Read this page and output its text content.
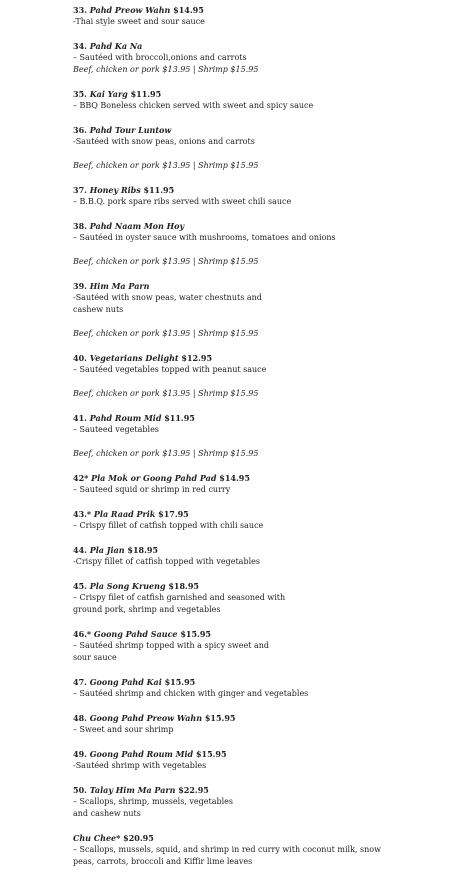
33. Pahd Preow Wahn $14.95
-Thai style sweet and sour sauce
34. Pahd Ka Na
– Sautéed with broccoli,onions and carrots
Beef, chicken or pork $13.95 | Shrimp $15.95
35. Kai Yarg $11.95
– BBQ Boneless chicken served with sweet and spicy sauce
36. Pahd Tour Luntow
-Sautéed with snow peas, onions and carrots
Beef, chicken or pork $13.95 | Shrimp $15.95
37. Honey Ribs $11.95
– B.B.Q. pork spare ribs served with sweet chili sauce
38. Pahd Naam Mon Hoy
– Sautéed in oyster sauce with mushrooms, tomatoes and onions
Beef, chicken or pork $13.95 | Shrimp $15.95
39. Him Ma Parn
-Sautéed with snow peas, water chestnuts and
cashew nuts
Beef, chicken or pork $13.95 | Shrimp $15.95
40. Vegetarians Delight $12.95
– Sautéed vegetables topped with peanut sauce
Beef, chicken or pork $13.95 | Shrimp $15.95
41. Pahd Roum Mid $11.95
– Sauteed vegetables
Beef, chicken or pork $13.95 | Shrimp $15.95
42* Pla Mok or Goong Pahd Pad $14.95
– Sauteed squid or shrimp in red curry
43.* Pla Raad Prik $17.95
– Crispy fillet of catfish topped with chili sauce
44. Pla Jian $18.95
-Crispy fillet of catfish topped with vegetables
45. Pla Song Krueng $18.95
– Crispy filet of catfish garnished and seasoned with
ground pork, shrimp and vegetables
46.* Goong Pahd Sauce $15.95
– Sautéed shrimp topped with a spicy sweet and
sour sauce
47. Goong Pahd Kai $15.95
– Sautéed shrimp and chicken with ginger and vegetables
48. Goong Pahd Preow Wahn $15.95
– Sweet and sour shrimp
49. Goong Pahd Roum Mid $15.95
-Sautéed shrimp with vegetables
50. Talay Him Ma Parn $22.95
– Scallops, shrimp, mussels, vegetables
and cashew nuts
Chu Chee* $20.95
– Scallops, mussels, squid, and shrimp in red curry with coconut milk, snow
peas, carrots, broccoli and Kiffir lime leaves
